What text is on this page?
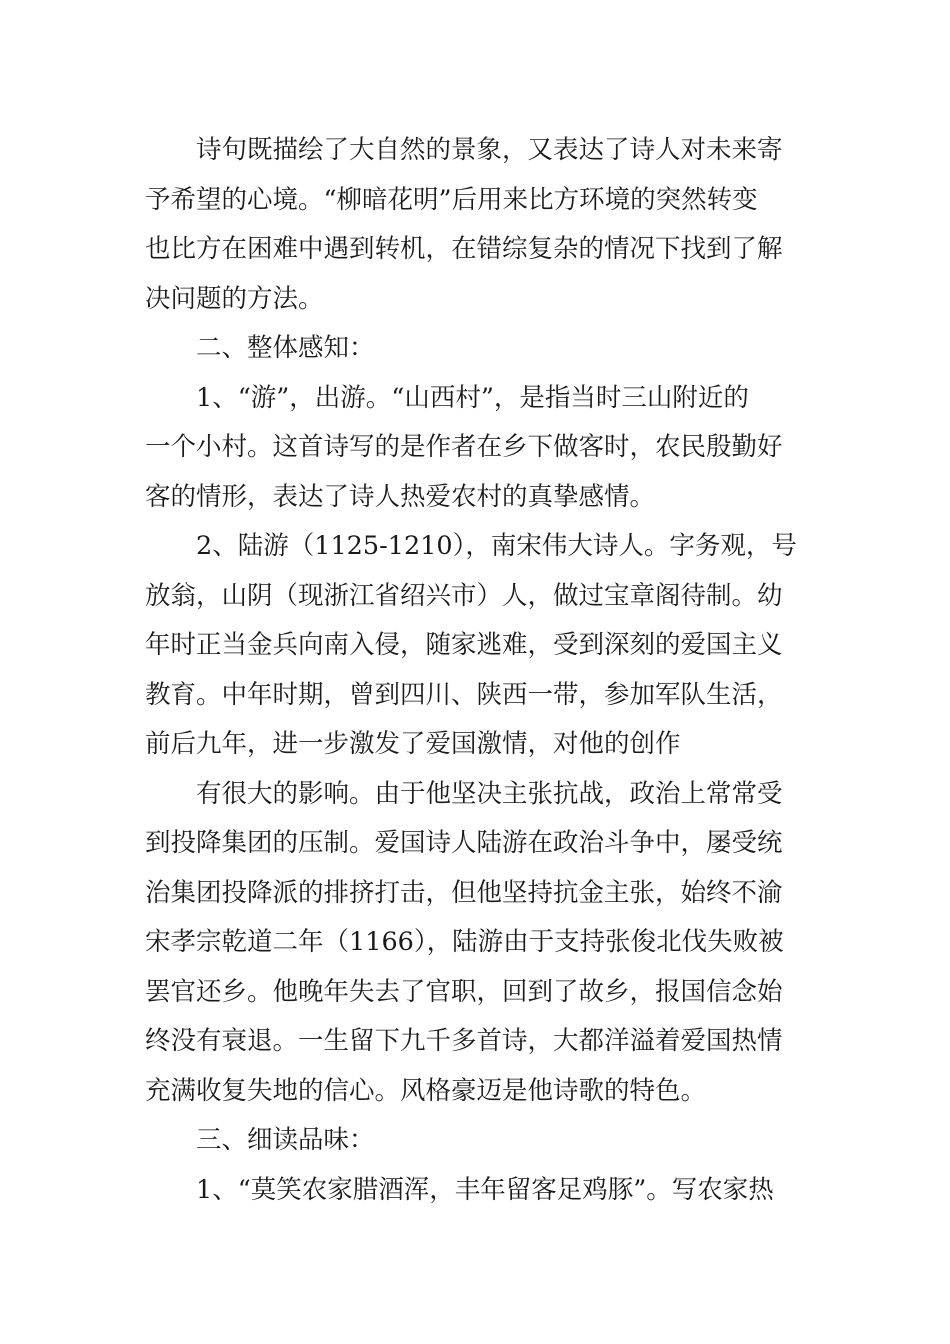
诗句既描绘了大自然的景象，又表达了诗人对未来寄
予希望的心境。“柳暗花明”后用来比方环境的突然转变
也比方在困难中遇到转机，在错综复杂的情况下找到了解
决问题的方法。
二、整体感知：
1、“游”，出游。“山西村”，是指当时三山附近的
一个小村。这首诗写的是作者在乡下做客时，农民殷勤好
客的情形，表达了诗人热爱农村的真挚感情。
2、陆游（1125-1210），南宋伟大诗人。字务观，号
放翁，山阴（现浙江省绍兴市）人，做过宝章阁待制。幼
年时正当金兵向南入侵，随家逃难，受到深刻的爱国主义
教育。中年时期，曾到四川、陕西一带，参加军队生活，
前后九年，进一步激发了爱国激情，对他的创作
有很大的影响。由于他坚决主张抗战，政治上常常受
到投降集团的压制。爱国诗人陆游在政治斗争中，屡受统
治集团投降派的排挤打击，但他坚持抗金主张，始终不渝
宋孝宗乾道二年（1166），陆游由于支持张俊北伐失败被
罢官还乡。他晚年失去了官职，回到了故乡，报国信念始
终没有衰退。一生留下九千多首诗，大都洋溢着爱国热情
充满收复失地的信心。风格豪迈是他诗歌的特色。
三、细读品味：
1、“莫笑农家腊酒浑，丰年留客足鸡豚”。写农家热
